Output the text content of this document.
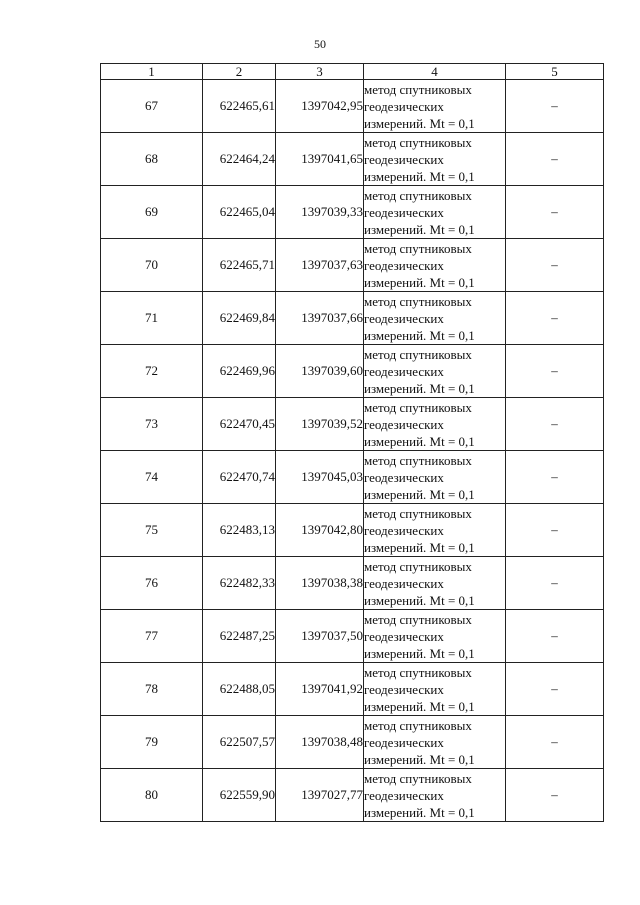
50
1	2	3	4	5
67	622465,61	1397042,95	метод спутниковых
геодезических
измерений. Mt = 0,1	–
68	622464,24	1397041,65	метод спутниковых
геодезических
измерений. Mt = 0,1	–
69	622465,04	1397039,33	метод спутниковых
геодезических
измерений. Mt = 0,1	–
70	622465,71	1397037,63	метод спутниковых
геодезических
измерений. Mt = 0,1	–
71	622469,84	1397037,66	метод спутниковых
геодезических
измерений. Mt = 0,1	–
72	622469,96	1397039,60	метод спутниковых
геодезических
измерений. Mt = 0,1	–
73	622470,45	1397039,52	метод спутниковых
геодезических
измерений. Mt = 0,1	–
74	622470,74	1397045,03	метод спутниковых
геодезических
измерений. Mt = 0,1	–
75	622483,13	1397042,80	метод спутниковых
геодезических
измерений. Mt = 0,1	–
76	622482,33	1397038,38	метод спутниковых
геодезических
измерений. Mt = 0,1	–
77	622487,25	1397037,50	метод спутниковых
геодезических
измерений. Mt = 0,1	–
78	622488,05	1397041,92	метод спутниковых
геодезических
измерений. Mt = 0,1	–
79	622507,57	1397038,48	метод спутниковых
геодезических
измерений. Mt = 0,1	–
80	622559,90	1397027,77	метод спутниковых
геодезических
измерений. Mt = 0,1	–
